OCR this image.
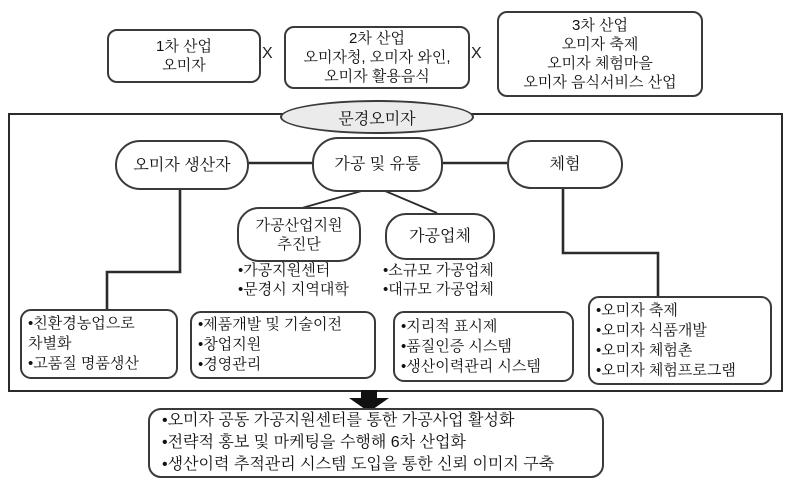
1차 산업
오미자
X
2차 산업
오미자청, 오미자 와인,
오미자 활용음식
X
3차 산업
오미자 축제
오미자 체험마을
오미자 음식서비스 산업
문경오미자
오미자 생산자	가공 및 유통	체험
가공산업지원
추진단	가공업체
•가공지원센터
•문경시 지역대학
•소규모 가공업체
•대규모 가공업체
•친환경농업으로
차별화
•고품질 명품생산
•제품개발 및 기술이전
•창업지원
•경영관리
•지리적 표시제
•품질인증 시스템
•생산이력관리 시스템
•오미자 축제
•오미자 식품개발
•오미자 체험촌
•오미자 체험프로그램
•오미자 공동 가공지원센터를 통한 가공사업 활성화
•전략적 홍보 및 마케팅을 수행해 6차 산업화
•생산이력 추적관리 시스템 도입을 통한 신뢰 이미지 구축
